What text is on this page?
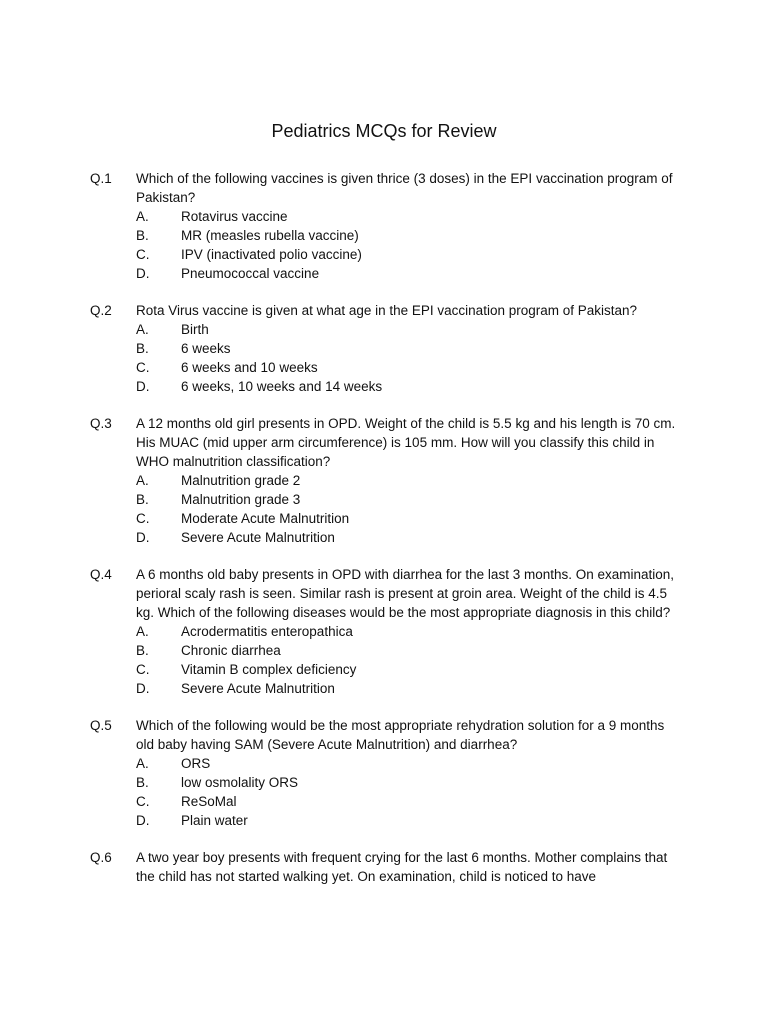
Pediatrics MCQs for Review
Q.1	Which of the following vaccines is given thrice (3 doses) in the EPI vaccination program of Pakistan?
A.	Rotavirus vaccine
B.	MR (measles rubella vaccine)
C.	IPV (inactivated polio vaccine)
D.	Pneumococcal vaccine
Q.2	Rota Virus vaccine is given at what age in the EPI vaccination program of Pakistan?
A.	Birth
B.	6 weeks
C.	6 weeks and 10 weeks
D.	6 weeks, 10 weeks and 14 weeks
Q.3	A 12 months old girl presents in OPD. Weight of the child is 5.5 kg and his length is 70 cm. His MUAC (mid upper arm circumference) is 105 mm. How will you classify this child in WHO malnutrition classification?
A.	Malnutrition grade 2
B.	Malnutrition grade 3
C.	Moderate Acute Malnutrition
D.	Severe Acute Malnutrition
Q.4	A 6 months old baby presents in OPD with diarrhea for the last 3 months. On examination, perioral scaly rash is seen. Similar rash is present at groin area. Weight of the child is 4.5 kg. Which of the following diseases would be the most appropriate diagnosis in this child?
A.	Acrodermatitis enteropathica
B.	Chronic diarrhea
C.	Vitamin B complex deficiency
D.	Severe Acute Malnutrition
Q.5	Which of the following would be the most appropriate rehydration solution for a 9 months old baby having SAM (Severe Acute Malnutrition) and diarrhea?
A.	ORS
B.	low osmolality ORS
C.	ReSoMal
D.	Plain water
Q.6	A two year boy presents with frequent crying for the last 6 months. Mother complains that the child has not started walking yet. On examination, child is noticed to have
